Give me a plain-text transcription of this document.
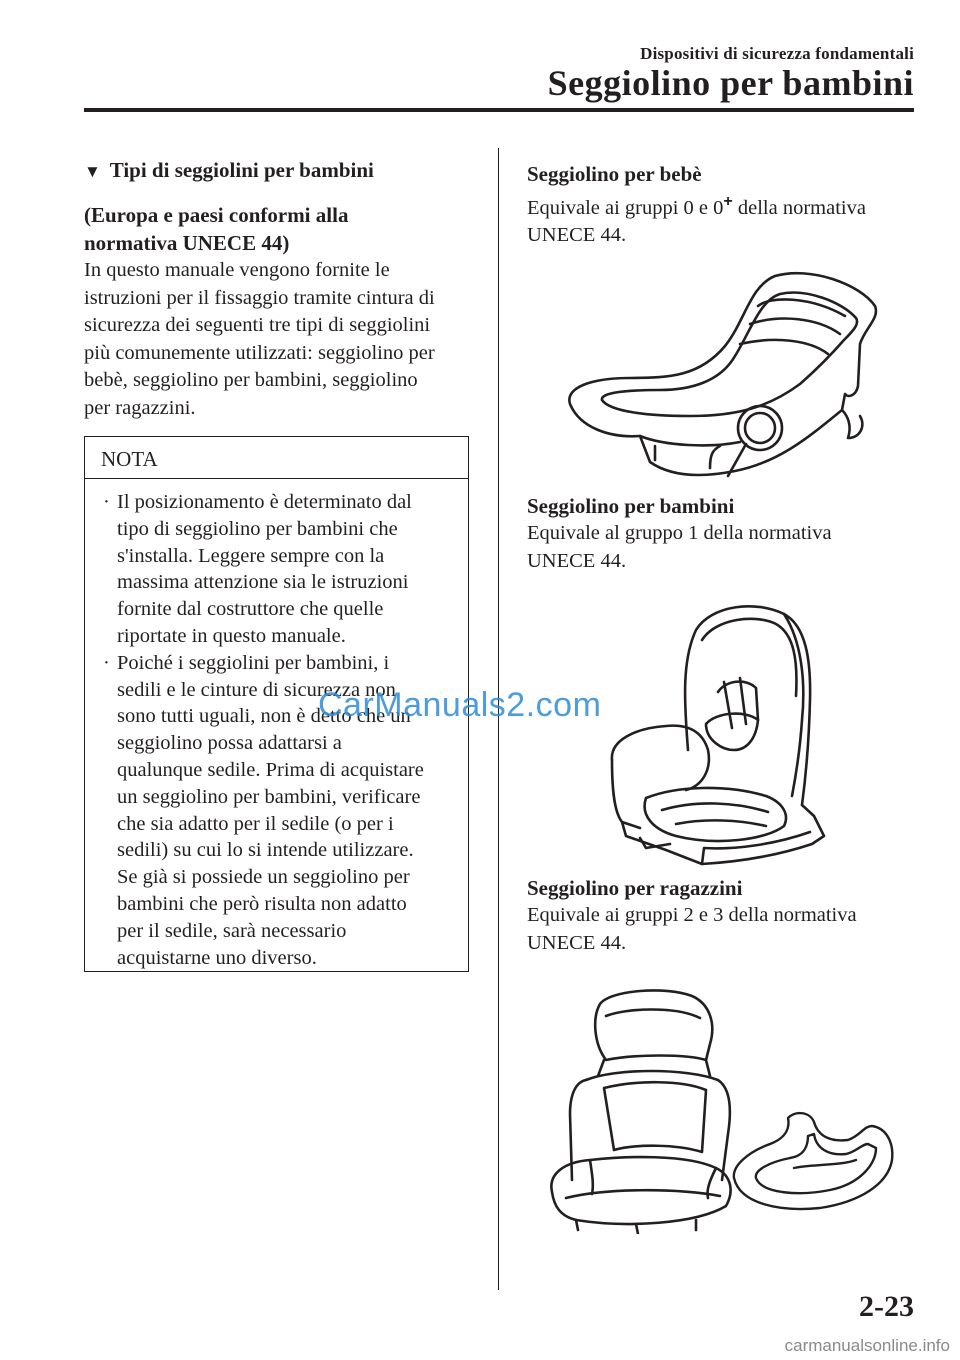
Dispositivi di sicurezza fondamentali
Seggiolino per bambini
▼ Tipi di seggiolini per bambini
(Europa e paesi conformi alla
normativa UNECE 44)
In questo manuale vengono fornite le
istruzioni per il fissaggio tramite cintura di
sicurezza dei seguenti tre tipi di seggiolini
più comunemente utilizzati: seggiolino per
bebè, seggiolino per bambini, seggiolino
per ragazzini.
NOTA
· Il posizionamento è determinato dal
tipo di seggiolino per bambini che
s'installa. Leggere sempre con la
massima attenzione sia le istruzioni
fornite dal costruttore che quelle
riportate in questo manuale.
· Poiché i seggiolini per bambini, i
sedili e le cinture di sicurezza non
sono tutti uguali, non è detto che un
seggiolino possa adattarsi a
qualunque sedile. Prima di acquistare
un seggiolino per bambini, verificare
che sia adatto per il sedile (o per i
sedili) su cui lo si intende utilizzare.
Se già si possiede un seggiolino per
bambini che però risulta non adatto
per il sedile, sarà necessario
acquistarne uno diverso.
Seggiolino per bebè
Equivale ai gruppi 0 e 0+ della normativa
UNECE 44.
Seggiolino per bambini
Equivale al gruppo 1 della normativa
UNECE 44.
Seggiolino per ragazzini
Equivale ai gruppi 2 e 3 della normativa
UNECE 44.
CarManuals2.com
2-23
carmanualsonline.info
